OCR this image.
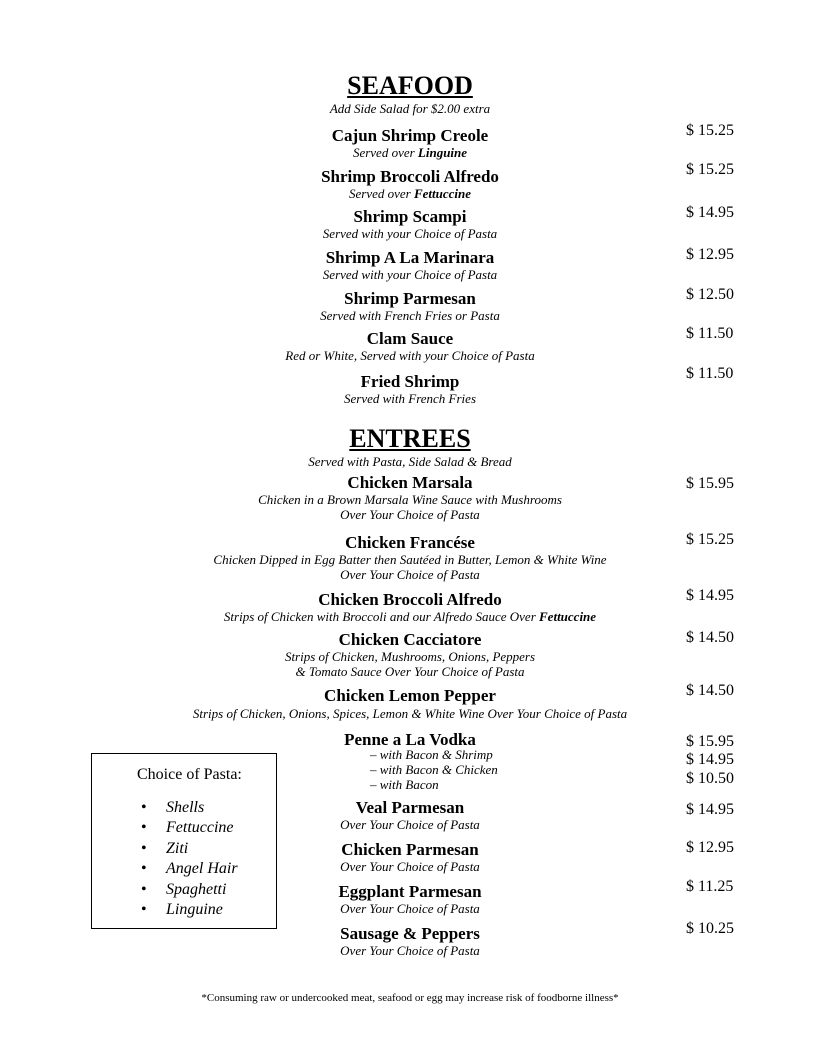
SEAFOOD
Add Side Salad for $2.00 extra
Cajun Shrimp Creole
Served over Linguine
$ 15.25
Shrimp Broccoli Alfredo
Served over Fettuccine
$ 15.25
Shrimp Scampi
Served with your Choice of Pasta
$ 14.95
Shrimp A La Marinara
Served with your Choice of Pasta
$ 12.95
Shrimp Parmesan
Served with French Fries or Pasta
$ 12.50
Clam Sauce
Red or White, Served with your Choice of Pasta
$ 11.50
Fried Shrimp
Served with French Fries
$ 11.50
ENTREES
Served with Pasta, Side Salad & Bread
Chicken Marsala
Chicken in a Brown Marsala Wine Sauce with Mushrooms
Over Your Choice of Pasta
$ 15.95
Chicken Francése
Chicken Dipped in Egg Batter then Sautéed in Butter, Lemon & White Wine
Over Your Choice of Pasta
$ 15.25
Chicken Broccoli Alfredo
Strips of Chicken with Broccoli and our Alfredo Sauce Over Fettuccine
$ 14.95
Chicken Cacciatore
Strips of Chicken, Mushrooms, Onions, Peppers
& Tomato Sauce Over Your Choice of Pasta
$ 14.50
Chicken Lemon Pepper
Strips of Chicken, Onions, Spices, Lemon & White Wine Over Your Choice of Pasta
$ 14.50
Penne a La Vodka
– with Bacon & Shrimp
– with Bacon & Chicken
– with Bacon
$ 15.95
$ 14.95
$ 10.50
Veal Parmesan
Over Your Choice of Pasta
$ 14.95
Chicken Parmesan
Over Your Choice of Pasta
$ 12.95
Eggplant Parmesan
Over Your Choice of Pasta
$ 11.25
Sausage & Peppers
Over Your Choice of Pasta
$ 10.25
Choice of Pasta:
• Shells
• Fettuccine
• Ziti
• Angel Hair
• Spaghetti
• Linguine
*Consuming raw or undercooked meat, seafood or egg may increase risk of foodborne illness*
